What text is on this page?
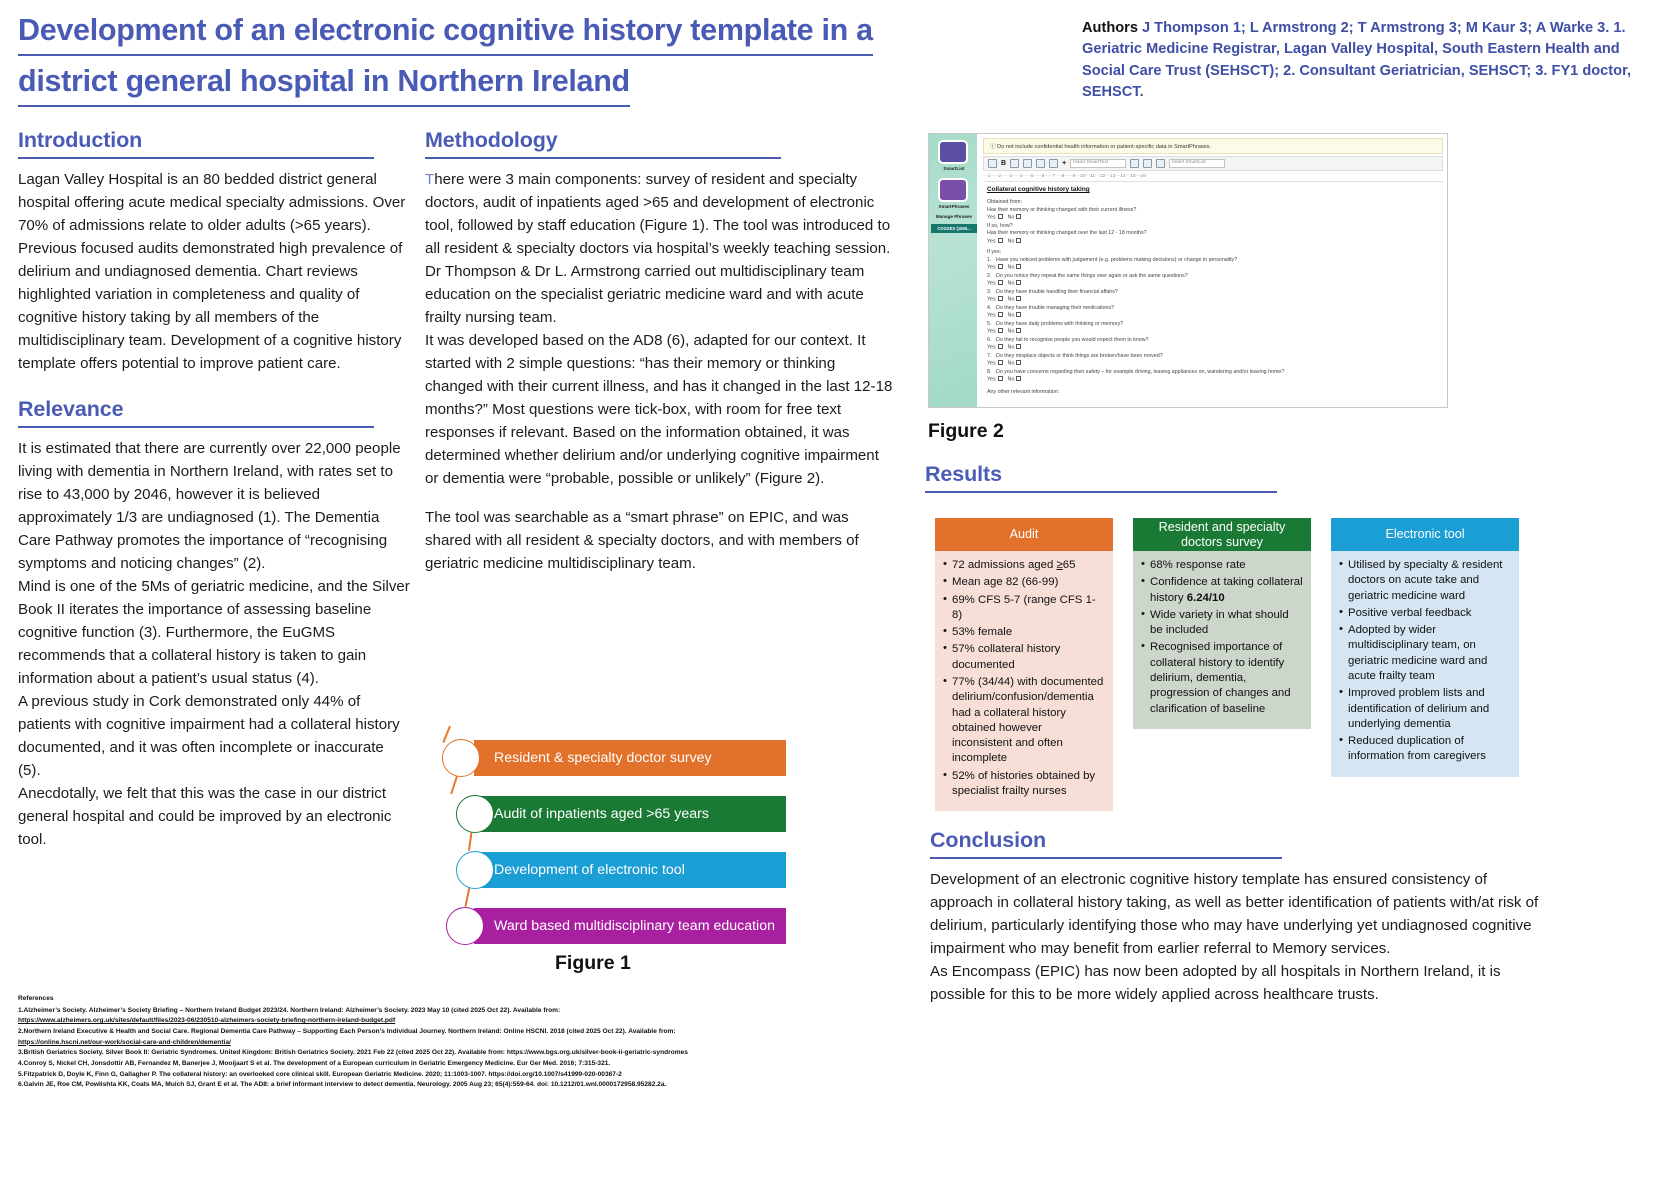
Development of an electronic cognitive history template in a
district general hospital in Northern Ireland
Authors J Thompson 1; L Armstrong 2; T Armstrong 3; M Kaur 3; A Warke 3. 1. Geriatric Medicine Registrar, Lagan Valley Hospital, South Eastern Health and Social Care Trust (SEHSCT); 2. Consultant Geriatrician, SEHSCT; 3. FY1 doctor, SEHSCT.
Introduction

Lagan Valley Hospital is an 80 bedded district general hospital offering acute medical specialty admissions. Over 70% of admissions relate to older adults (>65 years). Previous focused audits demonstrated high prevalence of delirium and undiagnosed dementia. Chart reviews highlighted variation in completeness and quality of cognitive history taking by all members of the multidisciplinary team. Development of a cognitive history template offers potential to improve patient care.

Relevance

It is estimated that there are currently over 22,000 people living with dementia in Northern Ireland, with rates set to rise to 43,000 by 2046, however it is believed approximately 1/3 are undiagnosed (1). The Dementia Care Pathway promotes the importance of “recognising symptoms and noticing changes” (2).

Mind is one of the 5Ms of geriatric medicine, and the Silver Book II iterates the importance of assessing baseline cognitive function (3). Furthermore, the EuGMS recommends that a collateral history is taken to gain information about a patient’s usual status (4).

A previous study in Cork demonstrated only 44% of patients with cognitive impairment had a collateral history documented, and it was often incomplete or inaccurate (5).

Anecdotally, we felt that this was the case in our district general hospital and could be improved by an electronic tool.

Methodology

There were 3 main components: survey of resident and specialty doctors, audit of inpatients aged >65 and development of electronic tool, followed by staff education (Figure 1). The tool was introduced to all resident & specialty doctors via hospital’s weekly teaching session. Dr Thompson & Dr L. Armstrong carried out multidisciplinary team education on the specialist geriatric medicine ward and with acute frailty nursing team.

It was developed based on the AD8 (6), adapted for our context. It started with 2 simple questions: “has their memory or thinking changed with their current illness, and has it changed in the last 12-18 months?” Most questions were tick-box, with room for free text responses if relevant. Based on the information obtained, it was determined whether delirium and/or underlying cognitive impairment or dementia were “probable, possible or unlikely” (Figure 2).

The tool was searchable as a “smart phrase” on EPIC, and was shared with all resident & specialty doctors, and with members of geriatric medicine multidisciplinary team.

Resident & specialty doctor survey
Audit of inpatients aged >65 years
Development of electronic tool
Ward based multidisciplinary team education
Figure 1
References
1.Alzheimer’s Society. Alzheimer’s Society Briefing – Northern Ireland Budget 2023/24. Northern Ireland: Alzheimer’s Society. 2023 May 10 (cited 2025 Oct 22). Available from:
https://www.alzheimers.org.uk/sites/default/files/2023-06/230510-alzheimers-society-briefing-northern-ireland-budget.pdf
2.Northern Ireland Executive & Health and Social Care. Regional Dementia Care Pathway – Supporting Each Person’s Individual Journey. Northern Ireland: Online HSCNI. 2018 (cited 2025 Oct 22). Available from:
https://online.hscni.net/our-work/social-care-and-children/dementia/
3.British Geriatrics Society. Silver Book II: Geriatric Syndromes. United Kingdom: British Geriatrics Society. 2021 Feb 22 (cited 2025 Oct 22). Available from: https://www.bgs.org.uk/silver-book-ii-geriatric-syndromes
4.Conroy S, Nickel CH, Jonsdottir AB, Fernandez M, Banerjee J, Mooijaart S et al. The development of a European curriculum in Geriatric Emergency Medicine. Eur Ger Med. 2016; 7:315-321.
5.Fitzpatrick D, Doyle K, Finn G, Gallagher P. The collateral history: an overlooked core clinical skill. European Geriatric Medicine. 2020; 11:1003-1007. https://doi.org/10.1007/s41999-020-00367-2
6.Galvin JE, Roe CM, Powlishta KK, Coats MA, Muich SJ, Grant E et al. The AD8: a brief informant interview to detect dementia. Neurology. 2005 Aug 23; 65(4):559-64. doi: 10.1212/01.wnl.0000172958.95282.2a.
SmartList
SmartPhrases
Manage Phrases
COGSEX (1650...
ⓘ Do not include confidential health information or patient-specific data in SmartPhrases.
B	+	Insert SmartText	Insert SmartList
⋅⋅⋅1⋅⋅⋅⋅⋅2⋅⋅⋅⋅⋅3⋅⋅⋅⋅⋅4⋅⋅⋅⋅⋅5⋅⋅⋅⋅⋅6⋅⋅⋅⋅⋅7⋅⋅⋅⋅8⋅⋅⋅⋅⋅9⋅⋅⋅10⋅⋅⋅11⋅⋅⋅12⋅⋅⋅13⋅⋅⋅14⋅⋅⋅15⋅⋅⋅16⋅
Collateral cognitive history taking
Obtained from:
Has their memory or thinking changed with their current illness?
Yes No
If so, how?
Has their memory or thinking changed over the last 12 - 18 months?
Yes No
If yes:
1. Have you noticed problems with judgement (e.g. problems making decisions) or change in personality?
Yes No
2. Do you notice they repeat the same things over again or ask the same questions?
Yes No
3. Do they have trouble handling their financial affairs?
Yes No
4. Do they have trouble managing their medications?
Yes No
5. Do they have daily problems with thinking or memory?
Yes No
6. Do they fail to recognise people you would expect them to know?
Yes No
7. Do they misplace objects or think things are broken/have been moved?
Yes No
8. Do you have concerns regarding their safety – for example driving, leaving appliances on, wandering and/or leaving home?
Yes No
Any other relevant information:
Figure 2
Results
Audit
• 72 admissions aged ≥65
• Mean age 82 (66-99)
• 69% CFS 5-7 (range CFS 1-8)
• 53% female
• 57% collateral history documented
• 77% (34/44) with documented delirium/confusion/dementia had a collateral history obtained however inconsistent and often incomplete
• 52% of histories obtained by specialist frailty nurses
Resident and specialty doctors survey
• 68% response rate
• Confidence at taking collateral history 6.24/10
• Wide variety in what should be included
• Recognised importance of collateral history to identify delirium, dementia, progression of changes and clarification of baseline
Electronic tool
• Utilised by specialty & resident doctors on acute take and geriatric medicine ward
• Positive verbal feedback
• Adopted by wider multidisciplinary team, on geriatric medicine ward and acute frailty team
• Improved problem lists and identification of delirium and underlying dementia
• Reduced duplication of information from caregivers
Conclusion

Development of an electronic cognitive history template has ensured consistency of approach in collateral history taking, as well as better identification of patients with/at risk of delirium, particularly identifying those who may have underlying yet undiagnosed cognitive impairment who may benefit from earlier referral to Memory services.

As Encompass (EPIC) has now been adopted by all hospitals in Northern Ireland, it is possible for this to be more widely applied across healthcare trusts.
